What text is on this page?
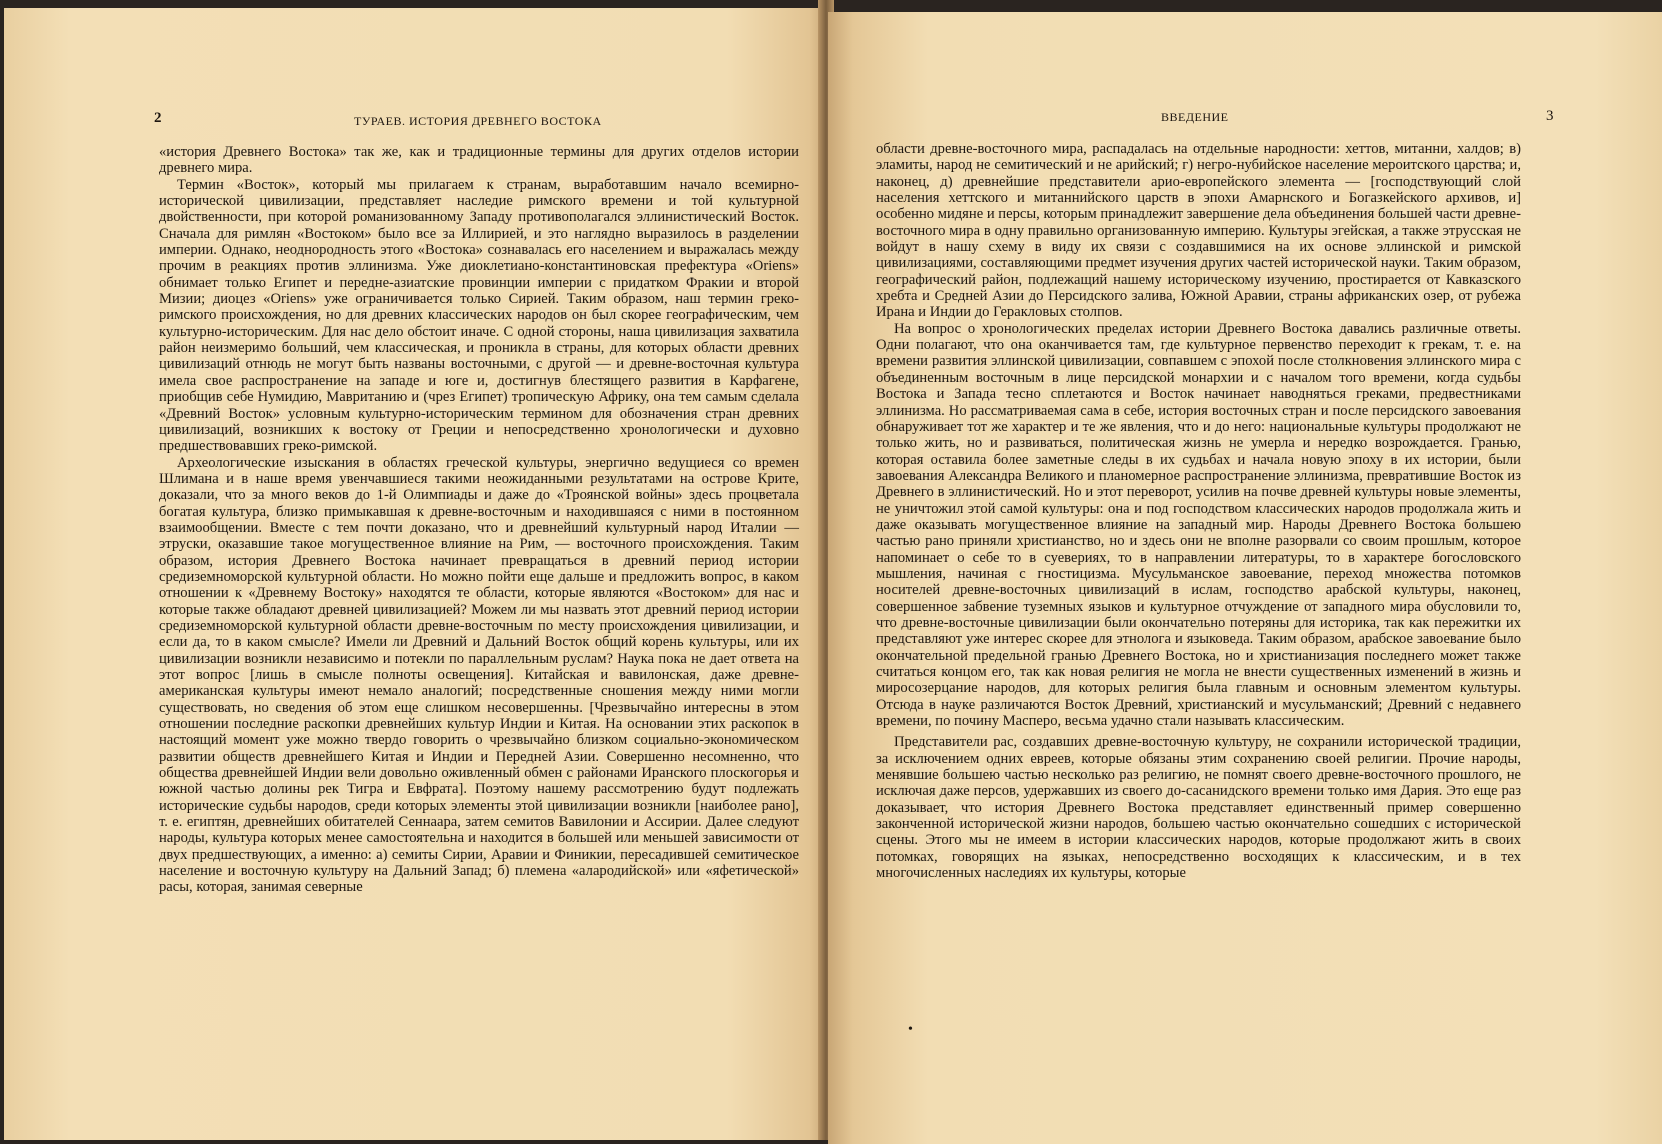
2	ТУРАЕВ. ИСТОРИЯ ДРЕВНЕГО ВОСТОКА

«история Древнего Востока» так же, как и традиционные термины для других отделов истории древнего мира.

Термин «Восток», который мы прилагаем к странам, выработавшим начало всемирно-исторической цивилизации, представляет наследие римского времени и той культурной двойственности, при которой романизованному Западу противополагался эллинистический Восток. Сначала для римлян «Востоком» было все за Иллирией, и это наглядно выразилось в разделении империи. Однако, неоднородность этого «Востока» сознавалась его населением и выражалась между прочим в реакциях против эллинизма. Уже диоклетиано-константиновская префектура «Oriens» обнимает только Египет и передне-азиатские провинции империи с придатком Фракии и второй Мизии; диоцез «Oriens» уже ограничивается только Сирией. Таким образом, наш термин греко-римского происхождения, но для древних классических народов он был скорее географическим, чем культурно-историческим. Для нас дело обстоит иначе. С одной стороны, наша цивилизация захватила район неизмеримо больший, чем классическая, и проникла в страны, для которых области древних цивилизаций отнюдь не могут быть названы восточными, с другой — и древне-восточная культура имела свое распространение на западе и юге и, достигнув блестящего развития в Карфагене, приобщив себе Нумидию, Мавританию и (чрез Египет) тропическую Африку, она тем самым сделала «Древний Восток» условным культурно-историческим термином для обозначения стран древних цивилизаций, возникших к востоку от Греции и непосредственно хронологически и духовно предшествовавших греко-римской.

Археологические изыскания в областях греческой культуры, энергично ведущиеся со времен Шлимана и в наше время увенчавшиеся такими неожиданными результатами на острове Крите, доказали, что за много веков до 1-й Олимпиады и даже до «Троянской войны» здесь процветала богатая культура, близко примыкавшая к древне-восточным и находившаяся с ними в постоянном взаимообщении. Вместе с тем почти доказано, что и древнейший культурный народ Италии — этруски, оказавшие такое могущественное влияние на Рим, — восточного происхождения. Таким образом, история Древнего Востока начинает превращаться в древний период истории средиземноморской культурной области. Но можно пойти еще дальше и предложить вопрос, в каком отношении к «Древнему Востоку» находятся те области, которые являются «Востоком» для нас и которые также обладают древней цивилизацией? Можем ли мы назвать этот древний период истории средиземноморской культурной области древне-восточным по месту происхождения цивилизации, и если да, то в каком смысле? Имели ли Древний и Дальний Восток общий корень культуры, или их цивилизации возникли независимо и потекли по параллельным руслам? Наука пока не дает ответа на этот вопрос [лишь в смысле полноты освещения]. Китайская и вавилонская, даже древне-американская культуры имеют немало аналогий; посредственные сношения между ними могли существовать, но сведения об этом еще слишком несовершенны. [Чрезвычайно интересны в этом отношении последние раскопки древнейших культур Индии и Китая. На основании этих раскопок в настоящий момент уже можно твердо говорить о чрезвычайно близком социально-экономическом развитии обществ древнейшего Китая и Индии и Передней Азии. Совершенно несомненно, что общества древнейшей Индии вели довольно оживленный обмен с районами Иранского плоскогорья и южной частью долины рек Тигра и Евфрата]. Поэтому нашему рассмотрению будут подлежать исторические судьбы народов, среди которых элементы этой цивилизации возникли [наиболее рано], т. е. египтян, древнейших обитателей Сеннаара, затем семитов Вавилонии и Ассирии. Далее следуют народы, культура которых менее самостоятельна и находится в большей или меньшей зависимости от двух предшествующих, а именно: а) семиты Сирии, Аравии и Финикии, пересадившей семитическое население и восточную культуру на Дальний Запад; б) племена «алародийской» или «яфетической» расы, которая, занимая северные

ВВЕДЕНИЕ	3

области древне-восточного мира, распадалась на отдельные народности: хеттов, митанни, халдов; в) эламиты, народ не семитический и не арийский; г) негро-нубийское население мероитского царства; и, наконец, д) древнейшие представители арио-европейского элемента — [господствующий слой населения хеттского и митаннийского царств в эпохи Амарнского и Богазкейского архивов, и] особенно мидяне и персы, которым принадлежит завершение дела объединения большей части древне-восточного мира в одну правильно организованную империю. Культуры эгейская, а также этрусская не войдут в нашу схему в виду их связи с создавшимися на их основе эллинской и римской цивилизациями, составляющими предмет изучения других частей исторической науки. Таким образом, географический район, подлежащий нашему историческому изучению, простирается от Кавказского хребта и Средней Азии до Персидского залива, Южной Аравии, страны африканских озер, от рубежа Ирана и Индии до Геракловых столпов.

На вопрос о хронологических пределах истории Древнего Востока давались различные ответы. Одни полагают, что она оканчивается там, где культурное первенство переходит к грекам, т. е. на времени развития эллинской цивилизации, совпавшем с эпохой после столкновения эллинского мира с объединенным восточным в лице персидской монархии и с началом того времени, когда судьбы Востока и Запада тесно сплетаются и Восток начинает наводняться греками, предвестниками эллинизма. Но рассматриваемая сама в себе, история восточных стран и после персидского завоевания обнаруживает тот же характер и те же явления, что и до него: национальные культуры продолжают не только жить, но и развиваться, политическая жизнь не умерла и нередко возрождается. Гранью, которая оставила более заметные следы в их судьбах и начала новую эпоху в их истории, были завоевания Александра Великого и планомерное распространение эллинизма, превратившие Восток из Древнего в эллинистический. Но и этот переворот, усилив на почве древней культуры новые элементы, не уничтожил этой самой культуры: она и под господством классических народов продолжала жить и даже оказывать могущественное влияние на западный мир. Народы Древнего Востока большею частью рано приняли христианство, но и здесь они не вполне разорвали со своим прошлым, которое напоминает о себе то в суевериях, то в направлении литературы, то в характере богословского мышления, начиная с гностицизма. Мусульманское завоевание, переход множества потомков носителей древне-восточных цивилизаций в ислам, господство арабской культуры, наконец, совершенное забвение туземных языков и культурное отчуждение от западного мира обусловили то, что древне-восточные цивилизации были окончательно потеряны для историка, так как пережитки их представляют уже интерес скорее для этнолога и языковеда. Таким образом, арабское завоевание было окончательной предельной гранью Древнего Востока, но и христианизация последнего может также считаться концом его, так как новая религия не могла не внести существенных изменений в жизнь и миросозерцание народов, для которых религия была главным и основным элементом культуры. Отсюда в науке различаются Восток Древний, христианский и мусульманский; Древний с недавнего времени, по почину Масперо, весьма удачно стали называть классическим.

Представители рас, создавших древне-восточную культуру, не сохранили исторической традиции, за исключением одних евреев, которые обязаны этим сохранению своей религии. Прочие народы, менявшие большею частью несколько раз религию, не помнят своего древне-восточного прошлого, не исключая даже персов, удержавших из своего до-сасанидского времени только имя Дария. Это еще раз доказывает, что история Древнего Востока представляет единственный пример совершенно законченной исторической жизни народов, большею частью окончательно сошедших с исторической сцены. Этого мы не имеем в истории классических народов, которые продолжают жить в своих потомках, говорящих на языках, непосредственно восходящих к классическим, и в тех многочисленных наследиях их культуры, которые

•
